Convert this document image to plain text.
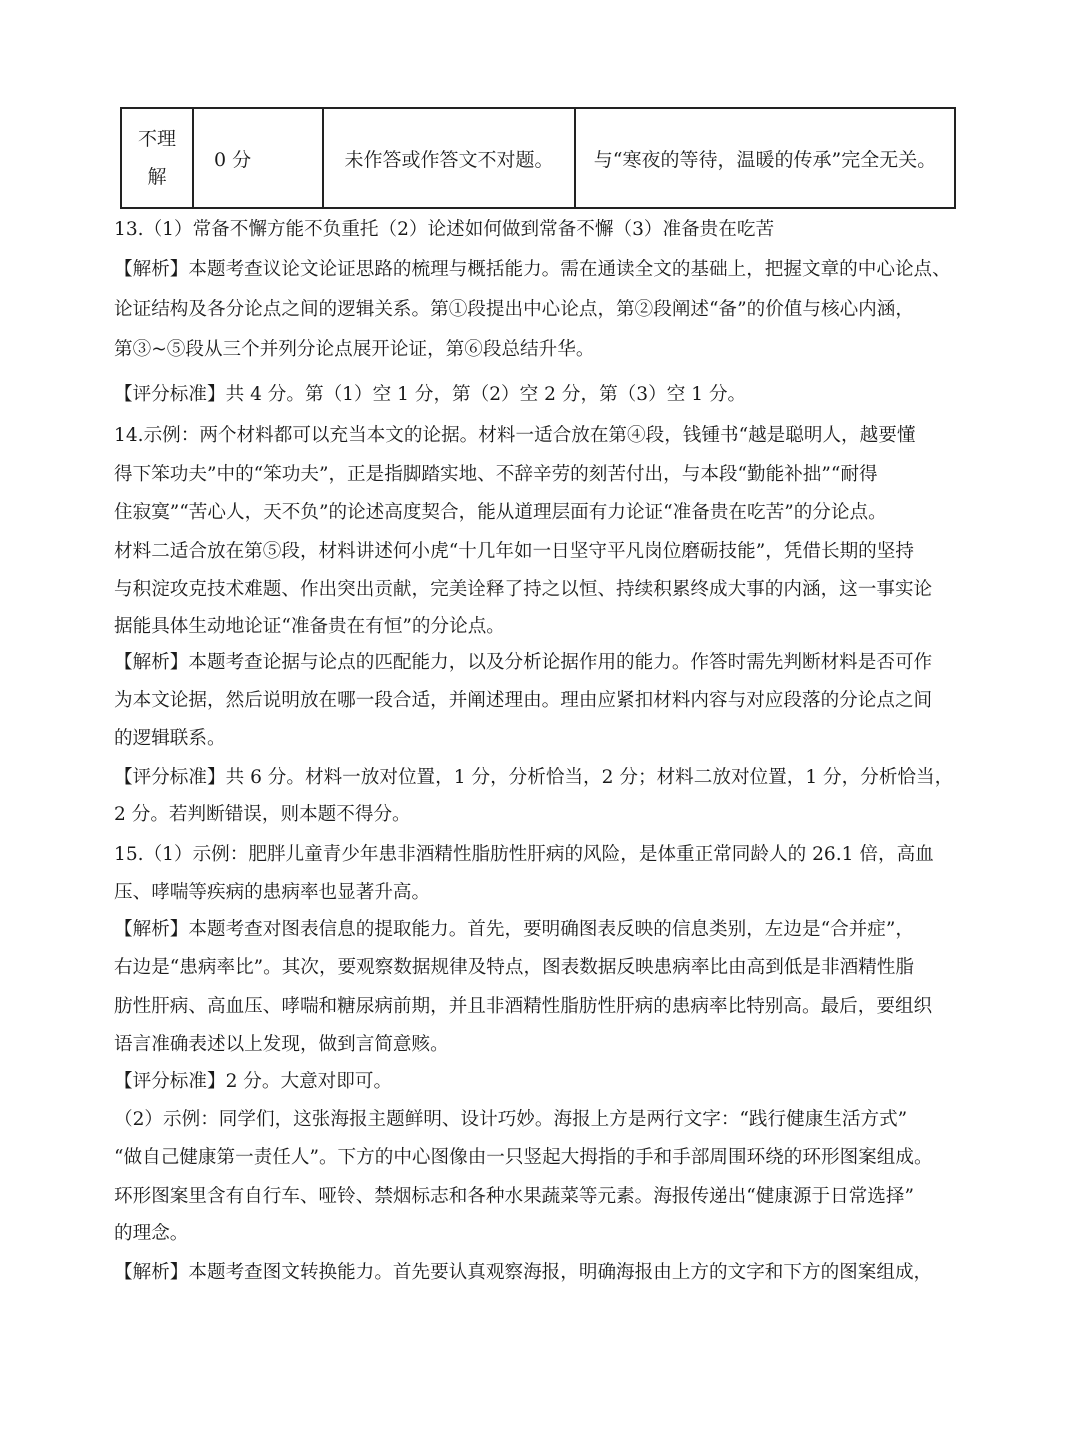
不理解	0 分	未作答或作答文不对题。	与“寒夜的等待，温暖的传承”完全无关。
13.（1）常备不懈方能不负重托（2）论述如何做到常备不懈（3）准备贵在吃苦
【解析】本题考查议论文论证思路的梳理与概括能力。需在通读全文的基础上，把握文章的中心论点、
论证结构及各分论点之间的逻辑关系。第①段提出中心论点，第②段阐述“备”的价值与核心内涵，
第③~⑤段从三个并列分论点展开论证，第⑥段总结升华。
【评分标准】共 4 分。第（1）空 1 分，第（2）空 2 分，第（3）空 1 分。
14.示例：两个材料都可以充当本文的论据。材料一适合放在第④段，钱锺书“越是聪明人，越要懂
得下笨功夫”中的“笨功夫”，正是指脚踏实地、不辞辛劳的刻苦付出，与本段“勤能补拙”“耐得
住寂寞”“苦心人，天不负”的论述高度契合，能从道理层面有力论证“准备贵在吃苦”的分论点。
材料二适合放在第⑤段，材料讲述何小虎“十几年如一日坚守平凡岗位磨砺技能”，凭借长期的坚持
与积淀攻克技术难题、作出突出贡献，完美诠释了持之以恒、持续积累终成大事的内涵，这一事实论
据能具体生动地论证“准备贵在有恒”的分论点。
【解析】本题考查论据与论点的匹配能力，以及分析论据作用的能力。作答时需先判断材料是否可作
为本文论据，然后说明放在哪一段合适，并阐述理由。理由应紧扣材料内容与对应段落的分论点之间
的逻辑联系。
【评分标准】共 6 分。材料一放对位置，1 分，分析恰当，2 分；材料二放对位置，1 分，分析恰当，
2 分。若判断错误，则本题不得分。
15.（1）示例：肥胖儿童青少年患非酒精性脂肪性肝病的风险，是体重正常同龄人的 26.1 倍，高血
压、哮喘等疾病的患病率也显著升高。
【解析】本题考查对图表信息的提取能力。首先，要明确图表反映的信息类别，左边是“合并症”，
右边是“患病率比”。其次，要观察数据规律及特点，图表数据反映患病率比由高到低是非酒精性脂
肪性肝病、高血压、哮喘和糖尿病前期，并且非酒精性脂肪性肝病的患病率比特别高。最后，要组织
语言准确表述以上发现，做到言简意赅。
【评分标准】2 分。大意对即可。
（2）示例：同学们，这张海报主题鲜明、设计巧妙。海报上方是两行文字：“践行健康生活方式”
“做自己健康第一责任人”。下方的中心图像由一只竖起大拇指的手和手部周围环绕的环形图案组成。
环形图案里含有自行车、哑铃、禁烟标志和各种水果蔬菜等元素。海报传递出“健康源于日常选择”
的理念。
【解析】本题考查图文转换能力。首先要认真观察海报，明确海报由上方的文字和下方的图案组成，
